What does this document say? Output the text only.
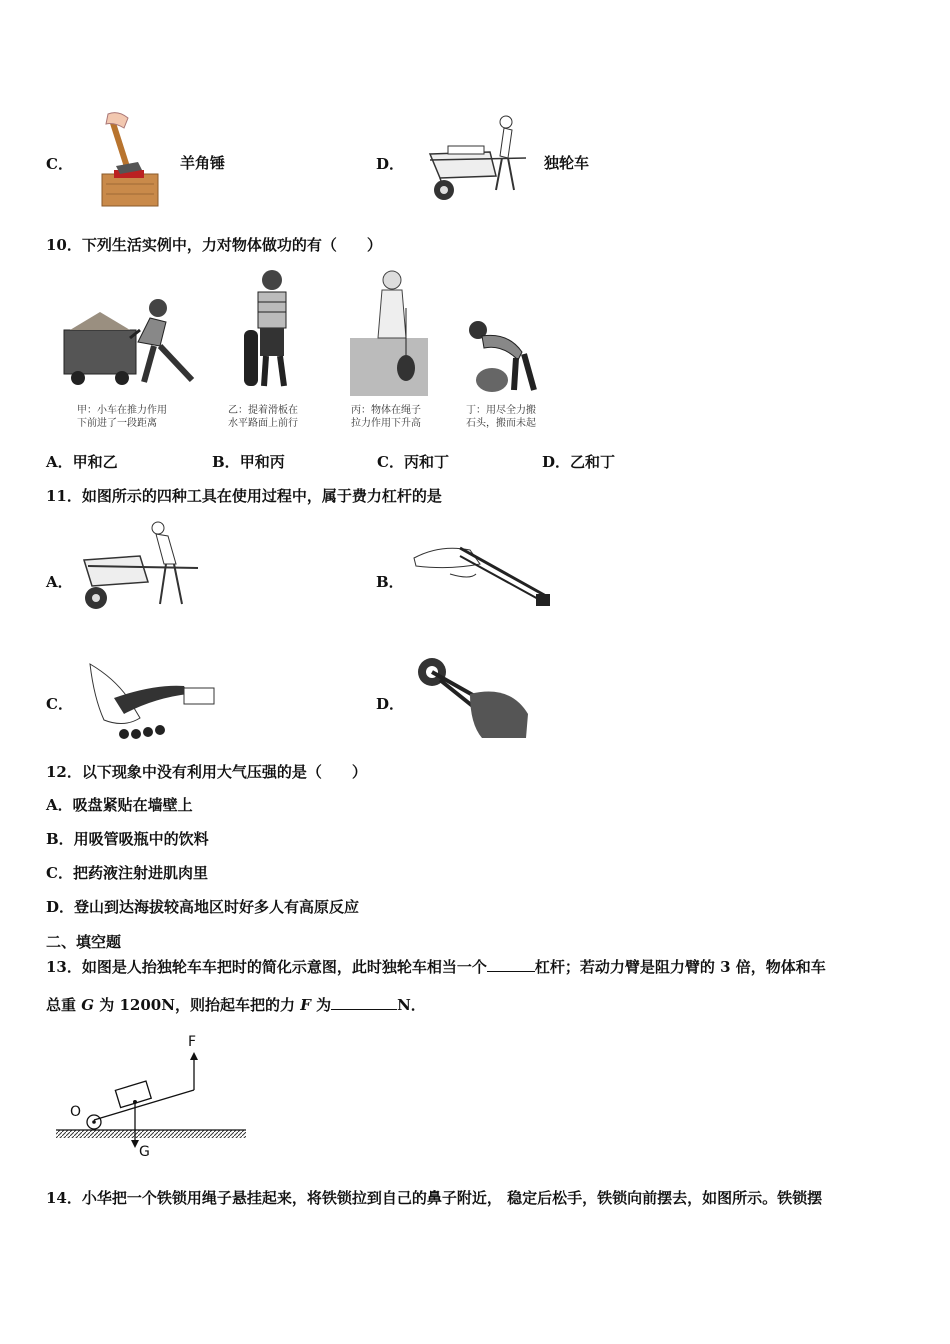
C．	羊角锤	D．	独轮车
10．下列生活实例中，力对物体做功的有（　　）
甲：小车在推力作用
下前进了一段距离
乙：提着滑板在
水平路面上前行
丙：物体在绳子
拉力作用下升高
丁：用尽全力搬
石头，搬而未起
A．甲和乙	B．甲和丙	C．丙和丁	D．乙和丁
11．如图所示的四种工具在使用过程中，属于费力杠杆的是
A．	B．
C．	D．
12．以下现象中没有利用大气压强的是（　　）
A．吸盘紧贴在墙壁上
B．用吸管吸瓶中的饮料
C．把药液注射进肌肉里
D．登山到达海拔较高地区时好多人有高原反应
二、填空题
13．如图是人抬独轮车车把时的简化示意图，此时独轮车相当一个	杠杆；若动力臂是阻力臂的 3 倍，物体和车
总重 G 为 1200N，则抬起车把的力 F 为	N．
F
O
G
14．小华把一个铁锁用绳子悬挂起来，将铁锁拉到自己的鼻子附近， 稳定后松手，铁锁向前摆去，如图所示。铁锁摆
